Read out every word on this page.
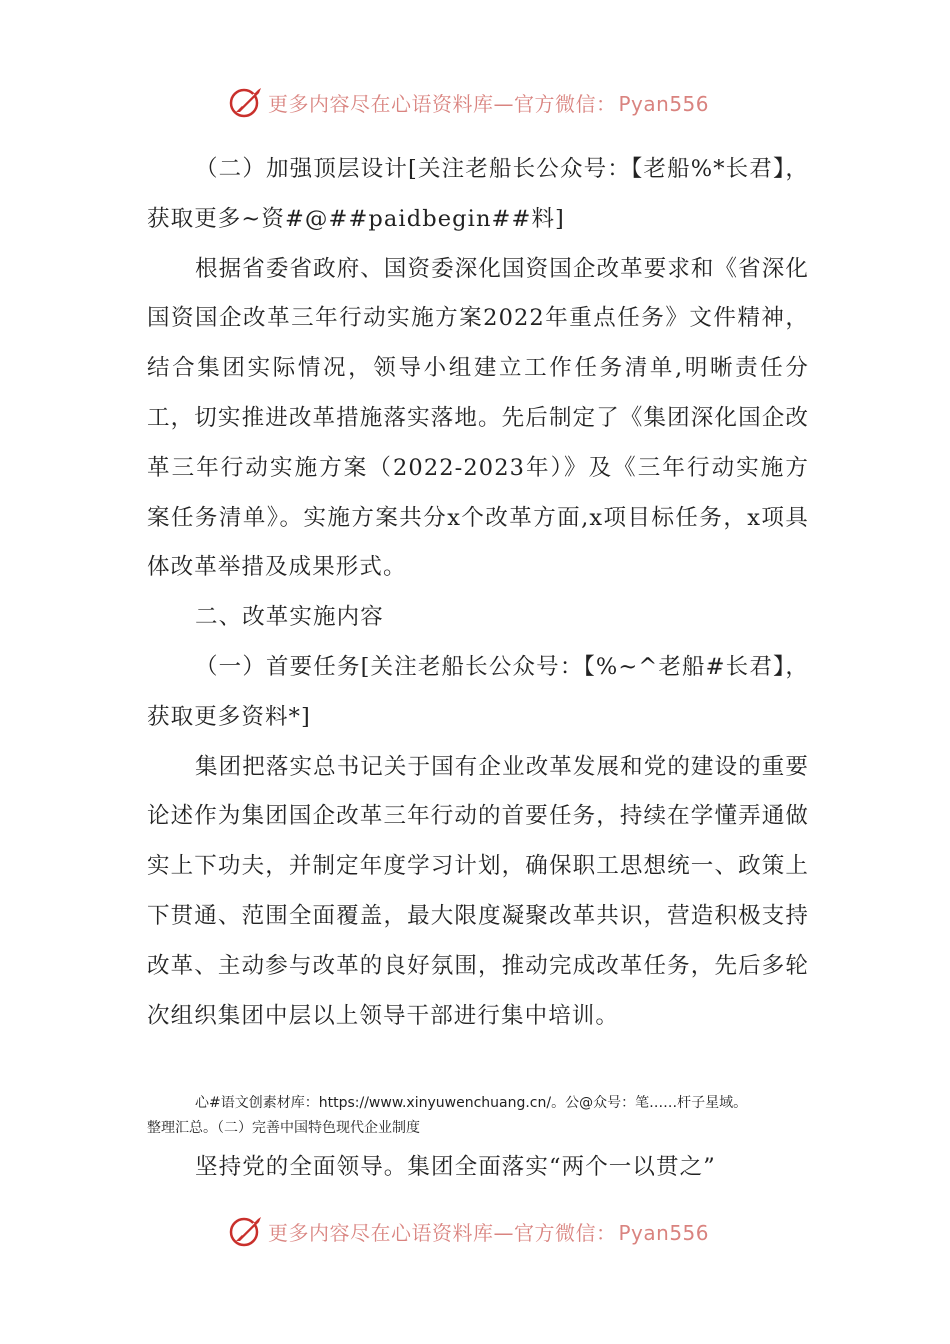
更多内容尽在心语资料库—官方微信： Pyan556

（二）加强顶层设计[关注老船长公众号：【老船%*长君】，获取更多~资#@##paidbegin##料]

根据省委省政府、国资委深化国资国企改革要求和《省深化国资国企改革三年行动实施方案2022年重点任务》文件精神，结合集团实际情况，领导小组建立工作任务清单,明晰责任分工，切实推进改革措施落实落地。先后制定了《集团深化国企改革三年行动实施方案（2022-2023年）》及《三年行动实施方案任务清单》。实施方案共分x个改革方面,x项目标任务，x项具体改革举措及成果形式。

二、改革实施内容

（一）首要任务[关注老船长公众号：【%~^老船#长君】，获取更多资料*]

集团把落实总书记关于国有企业改革发展和党的建设的重要论述作为集团国企改革三年行动的首要任务，持续在学懂弄通做实上下功夫，并制定年度学习计划，确保职工思想统一、政策上下贯通、范围全面覆盖，最大限度凝聚改革共识，营造积极支持改革、主动参与改革的良好氛围，推动完成改革任务，先后多轮次组织集团中层以上领导干部进行集中培训。

心#语文创素材库：https://www.xinyuwenchuang.cn/。公@众号：笔……杆子星域。
整理汇总。（二）完善中国特色现代企业制度

坚持党的全面领导。集团全面落实“两个一以贯之”

更多内容尽在心语资料库—官方微信： Pyan556
